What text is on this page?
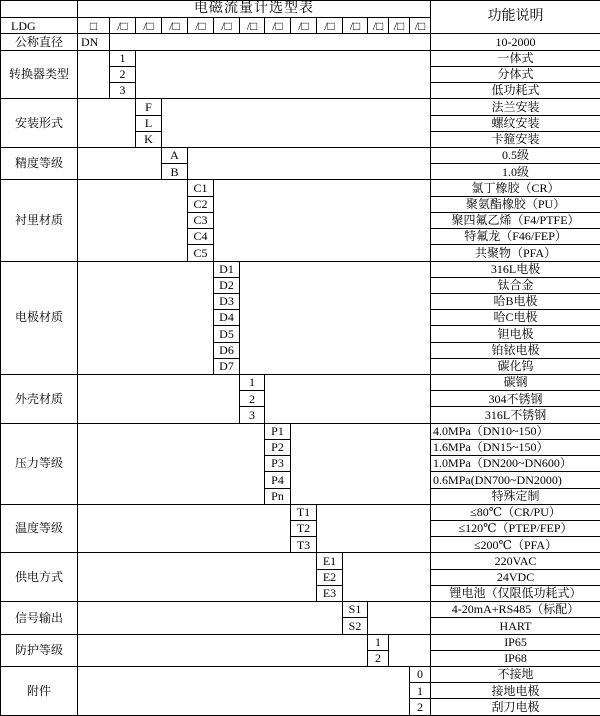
	电磁流量计选型表														功能说明
LDG	□	/□	/□	/□	/□	/□	/□	/□	/□	/□	/□	/□	/□	/□	
公称直径	DN														10-2000
转换器类型		1													一体式
		2													分体式
		3													低功耗式
安装形式			F												法兰安装
			L												螺纹安装
			K												卡箍安装
精度等级				A											0.5级
				B											1.0级
衬里材质					C1										氯丁橡胶（CR）
					C2										聚氨酯橡胶（PU）
					C3										聚四氟乙烯（F4/PTFE）
					C4										特氟龙（F46/FEP）
					C5										共聚物（PFA）
电极材质						D1									316L电极
						D2									钛合金
						D3									哈B电极
						D4									哈C电极
						D5									钽电极
						D6									铂铱电极
						D7									碳化钨
外壳材质							1								碳钢
							2								304不锈钢
							3								316L不锈钢
压力等级								P1							4.0MPa（DN10~150）
								P2							1.6MPa（DN15~150）
								P3							1.0MPa（DN200~DN600）
								P4							0.6MPa(DN700~DN2000)
								Pn							特殊定制
温度等级									T1						≤80℃（CR/PU）
									T2						≤120℃（PTEP/FEP）
									T3						≤200℃（PFA）
供电方式										E1					220VAC
										E2					24VDC
										E3					锂电池（仅限低功耗式）
信号输出											S1				4-20mA+RS485（标配）
											S2				HART
防护等级												1			IP65
												2			IP68
附件														0	不接地
														1	接地电极
														2	刮刀电极
